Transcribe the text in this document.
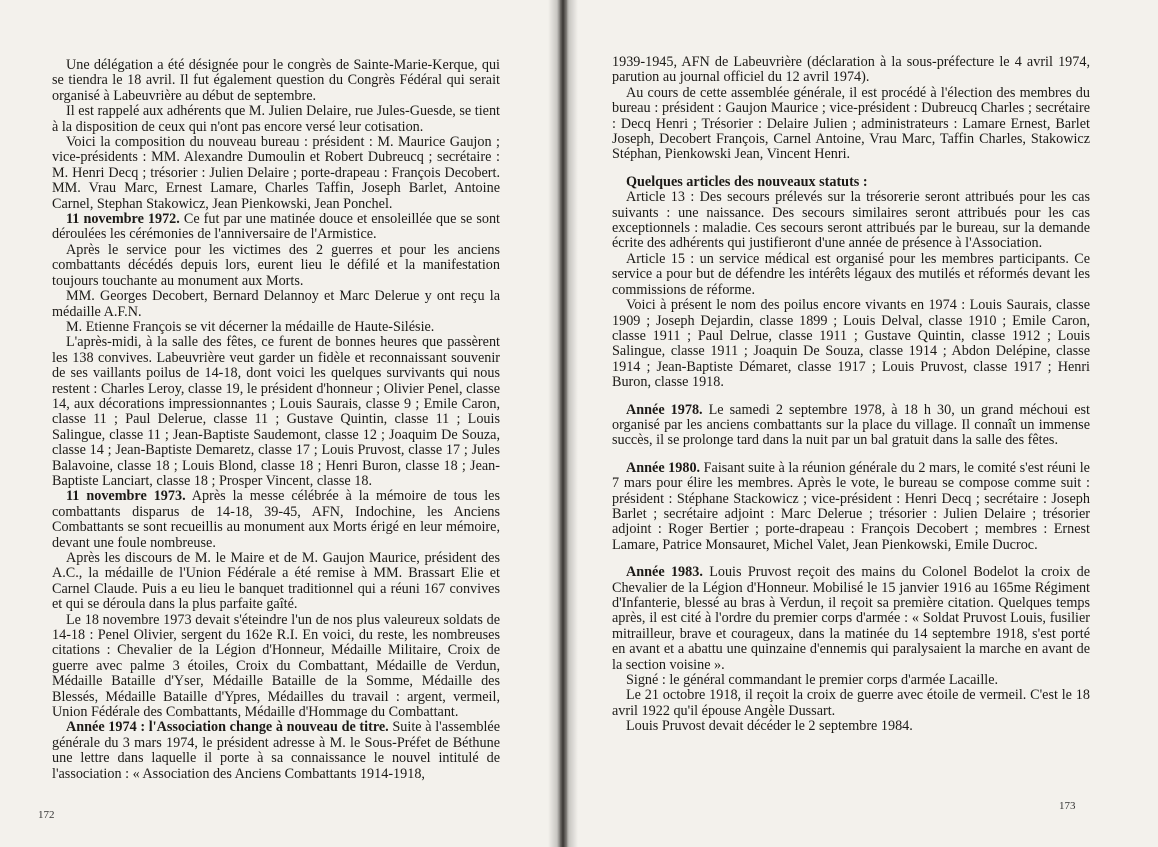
Une délégation a été désignée pour le congrès de Sainte-Marie-Kerque, qui se tiendra le 18 avril. Il fut également question du Congrès Fédéral qui serait organisé à Labeuvrière au début de septembre.

Il est rappelé aux adhérents que M. Julien Delaire, rue Jules-Guesde, se tient à la disposition de ceux qui n'ont pas encore versé leur cotisation.

Voici la composition du nouveau bureau : président : M. Maurice Gaujon ; vice-présidents : MM. Alexandre Dumoulin et Robert Dubreucq ; secrétaire : M. Henri Decq ; trésorier : Julien Delaire ; porte-drapeau : François Decobert. MM. Vrau Marc, Ernest Lamare, Charles Taffin, Joseph Barlet, Antoine Carnel, Stephan Stakowicz, Jean Pienkowski, Jean Ponchel.

11 novembre 1972. Ce fut par une matinée douce et ensoleillée que se sont déroulées les cérémonies de l'anniversaire de l'Armistice.

Après le service pour les victimes des 2 guerres et pour les anciens combattants décédés depuis lors, eurent lieu le défilé et la manifestation toujours touchante au monument aux Morts.

MM. Georges Decobert, Bernard Delannoy et Marc Delerue y ont reçu la médaille A.F.N.

M. Etienne François se vit décerner la médaille de Haute-Silésie.

L'après-midi, à la salle des fêtes, ce furent de bonnes heures que passèrent les 138 convives. Labeuvrière veut garder un fidèle et reconnaissant souvenir de ses vaillants poilus de 14-18, dont voici les quelques survivants qui nous restent : Charles Leroy, classe 19, le président d'honneur ; Olivier Penel, classe 14, aux décorations impressionnantes ; Louis Saurais, classe 9 ; Emile Caron, classe 11 ; Paul Delerue, classe 11 ; Gustave Quintin, classe 11 ; Louis Salingue, classe 11 ; Jean-Baptiste Saudemont, classe 12 ; Joaquim De Souza, classe 14 ; Jean-Baptiste Demaretz, classe 17 ; Louis Pruvost, classe 17 ; Jules Balavoine, classe 18 ; Louis Blond, classe 18 ; Henri Buron, classe 18 ; Jean-Baptiste Lanciart, classe 18 ; Prosper Vincent, classe 18.

11 novembre 1973. Après la messe célébrée à la mémoire de tous les combattants disparus de 14-18, 39-45, AFN, Indochine, les Anciens Combattants se sont recueillis au monument aux Morts érigé en leur mémoire, devant une foule nombreuse.

Après les discours de M. le Maire et de M. Gaujon Maurice, président des A.C., la médaille de l'Union Fédérale a été remise à MM. Brassart Elie et Carnel Claude. Puis a eu lieu le banquet traditionnel qui a réuni 167 convives et qui se déroula dans la plus parfaite gaîté.

Le 18 novembre 1973 devait s'éteindre l'un de nos plus valeureux soldats de 14-18 : Penel Olivier, sergent du 162e R.I. En voici, du reste, les nombreuses citations : Chevalier de la Légion d'Honneur, Médaille Militaire, Croix de guerre avec palme 3 étoiles, Croix du Combattant, Médaille de Verdun, Médaille Bataille d'Yser, Médaille Bataille de la Somme, Médaille des Blessés, Médaille Bataille d'Ypres, Médailles du travail : argent, vermeil, Union Fédérale des Combattants, Médaille d'Hommage du Combattant.

Année 1974 : l'Association change à nouveau de titre. Suite à l'assemblée générale du 3 mars 1974, le président adresse à M. le Sous-Préfet de Béthune une lettre dans laquelle il porte à sa connaissance le nouvel intitulé de l'association : « Association des Anciens Combattants 1914-1918,

172

1939-1945, AFN de Labeuvrière (déclaration à la sous-préfecture le 4 avril 1974, parution au journal officiel du 12 avril 1974).

Au cours de cette assemblée générale, il est procédé à l'élection des membres du bureau : président : Gaujon Maurice ; vice-président : Dubreucq Charles ; secrétaire : Decq Henri ; Trésorier : Delaire Julien ; administrateurs : Lamare Ernest, Barlet Joseph, Decobert François, Carnel Antoine, Vrau Marc, Taffin Charles, Stakowicz Stéphan, Pienkowski Jean, Vincent Henri.

Quelques articles des nouveaux statuts :

Article 13 : Des secours prélevés sur la trésorerie seront attribués pour les cas suivants : une naissance. Des secours similaires seront attribués pour les cas exceptionnels : maladie. Ces secours seront attribués par le bureau, sur la demande écrite des adhérents qui justifieront d'une année de présence à l'Association.

Article 15 : un service médical est organisé pour les membres participants. Ce service a pour but de défendre les intérêts légaux des mutilés et réformés devant les commissions de réforme.

Voici à présent le nom des poilus encore vivants en 1974 : Louis Saurais, classe 1909 ; Joseph Dejardin, classe 1899 ; Louis Delval, classe 1910 ; Emile Caron, classe 1911 ; Paul Delrue, classe 1911 ; Gustave Quintin, classe 1912 ; Louis Salingue, classe 1911 ; Joaquin De Souza, classe 1914 ; Abdon Delépine, classe 1914 ; Jean-Baptiste Démaret, classe 1917 ; Louis Pruvost, classe 1917 ; Henri Buron, classe 1918.

Année 1978. Le samedi 2 septembre 1978, à 18 h 30, un grand méchoui est organisé par les anciens combattants sur la place du village. Il connaît un immense succès, il se prolonge tard dans la nuit par un bal gratuit dans la salle des fêtes.

Année 1980. Faisant suite à la réunion générale du 2 mars, le comité s'est réuni le 7 mars pour élire les membres. Après le vote, le bureau se compose comme suit : président : Stéphane Stackowicz ; vice-président : Henri Decq ; secrétaire : Joseph Barlet ; secrétaire adjoint : Marc Delerue ; trésorier : Julien Delaire ; trésorier adjoint : Roger Bertier ; porte-drapeau : François Decobert ; membres : Ernest Lamare, Patrice Monsauret, Michel Valet, Jean Pienkowski, Emile Ducroc.

Année 1983. Louis Pruvost reçoit des mains du Colonel Bodelot la croix de Chevalier de la Légion d'Honneur. Mobilisé le 15 janvier 1916 au 165me Régiment d'Infanterie, blessé au bras à Verdun, il reçoit sa première citation. Quelques temps après, il est cité à l'ordre du premier corps d'armée : « Soldat Pruvost Louis, fusilier mitrailleur, brave et courageux, dans la matinée du 14 septembre 1918, s'est porté en avant et a abattu une quinzaine d'ennemis qui paralysaient la marche en avant de la section voisine ».

Signé : le général commandant le premier corps d'armée Lacaille.

Le 21 octobre 1918, il reçoit la croix de guerre avec étoile de vermeil. C'est le 18 avril 1922 qu'il épouse Angèle Dussart.

Louis Pruvost devait décéder le 2 septembre 1984.

173
